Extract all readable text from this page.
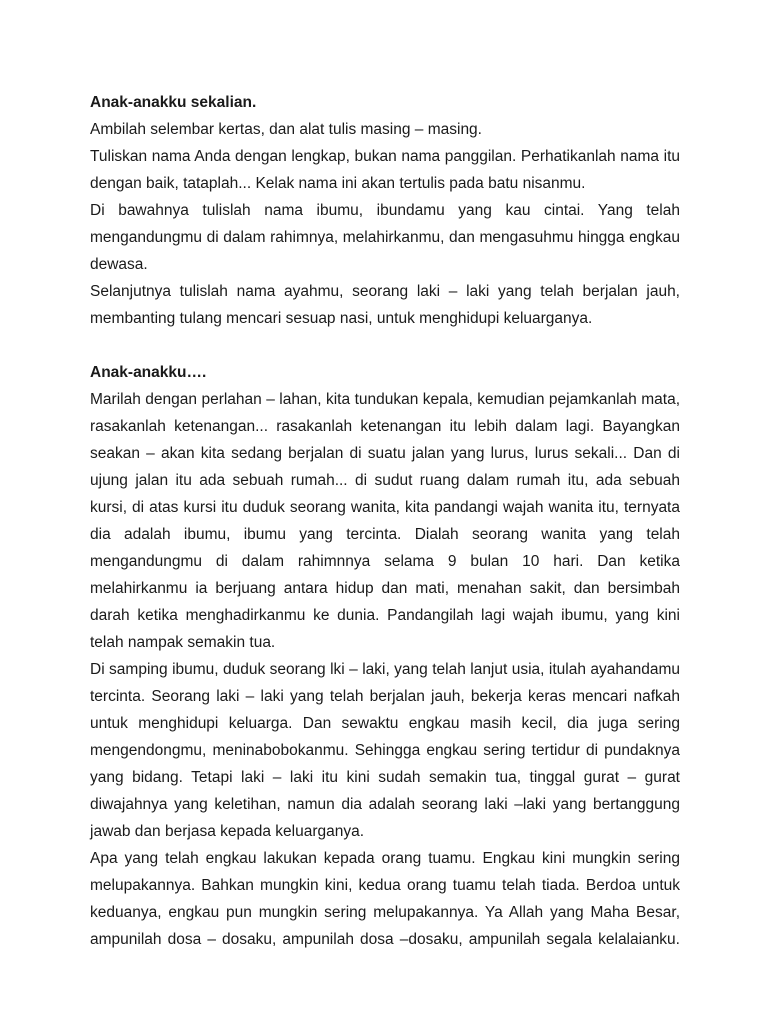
Anak-anakku sekalian.

Ambilah selembar kertas, dan alat tulis masing – masing.

Tuliskan nama Anda dengan lengkap, bukan nama panggilan. Perhatikanlah nama itu dengan baik, tataplah... Kelak nama ini akan tertulis pada batu nisanmu.

Di bawahnya tulislah nama ibumu, ibundamu yang kau cintai. Yang telah mengandungmu di dalam rahimnya, melahirkanmu, dan mengasuhmu hingga engkau dewasa.

Selanjutnya tulislah nama ayahmu, seorang laki – laki yang telah berjalan jauh, membanting tulang mencari sesuap nasi, untuk menghidupi keluarganya.

Anak-anakku….

Marilah dengan perlahan – lahan, kita tundukan kepala, kemudian pejamkanlah mata, rasakanlah ketenangan... rasakanlah ketenangan itu lebih dalam lagi. Bayangkan seakan – akan kita sedang berjalan di suatu jalan yang lurus, lurus sekali... Dan di ujung jalan itu ada sebuah rumah... di sudut ruang dalam rumah itu, ada sebuah kursi, di atas kursi itu duduk seorang wanita, kita pandangi wajah wanita itu, ternyata dia adalah ibumu, ibumu yang tercinta. Dialah seorang wanita yang telah mengandungmu di dalam rahimnnya selama 9 bulan 10 hari. Dan ketika melahirkanmu ia berjuang antara hidup dan mati, menahan sakit, dan bersimbah darah ketika menghadirkanmu ke dunia. Pandangilah lagi wajah ibumu, yang kini telah nampak semakin tua.

Di samping ibumu, duduk seorang lki – laki, yang telah lanjut usia, itulah ayahandamu tercinta. Seorang laki – laki yang telah berjalan jauh, bekerja keras mencari nafkah untuk menghidupi keluarga. Dan sewaktu engkau masih kecil, dia juga sering mengendongmu, meninabobokanmu. Sehingga engkau sering tertidur di pundaknya yang bidang. Tetapi laki – laki itu kini sudah semakin tua, tinggal gurat – gurat diwajahnya yang keletihan, namun dia adalah seorang laki –laki yang bertanggung jawab dan berjasa kepada keluarganya.

Apa yang telah engkau lakukan kepada orang tuamu. Engkau kini mungkin sering melupakannya. Bahkan mungkin kini, kedua orang tuamu telah tiada. Berdoa untuk keduanya, engkau pun mungkin sering melupakannya. Ya Allah yang Maha Besar, ampunilah dosa – dosaku, ampunilah dosa –dosaku, ampunilah segala kelalaianku.
